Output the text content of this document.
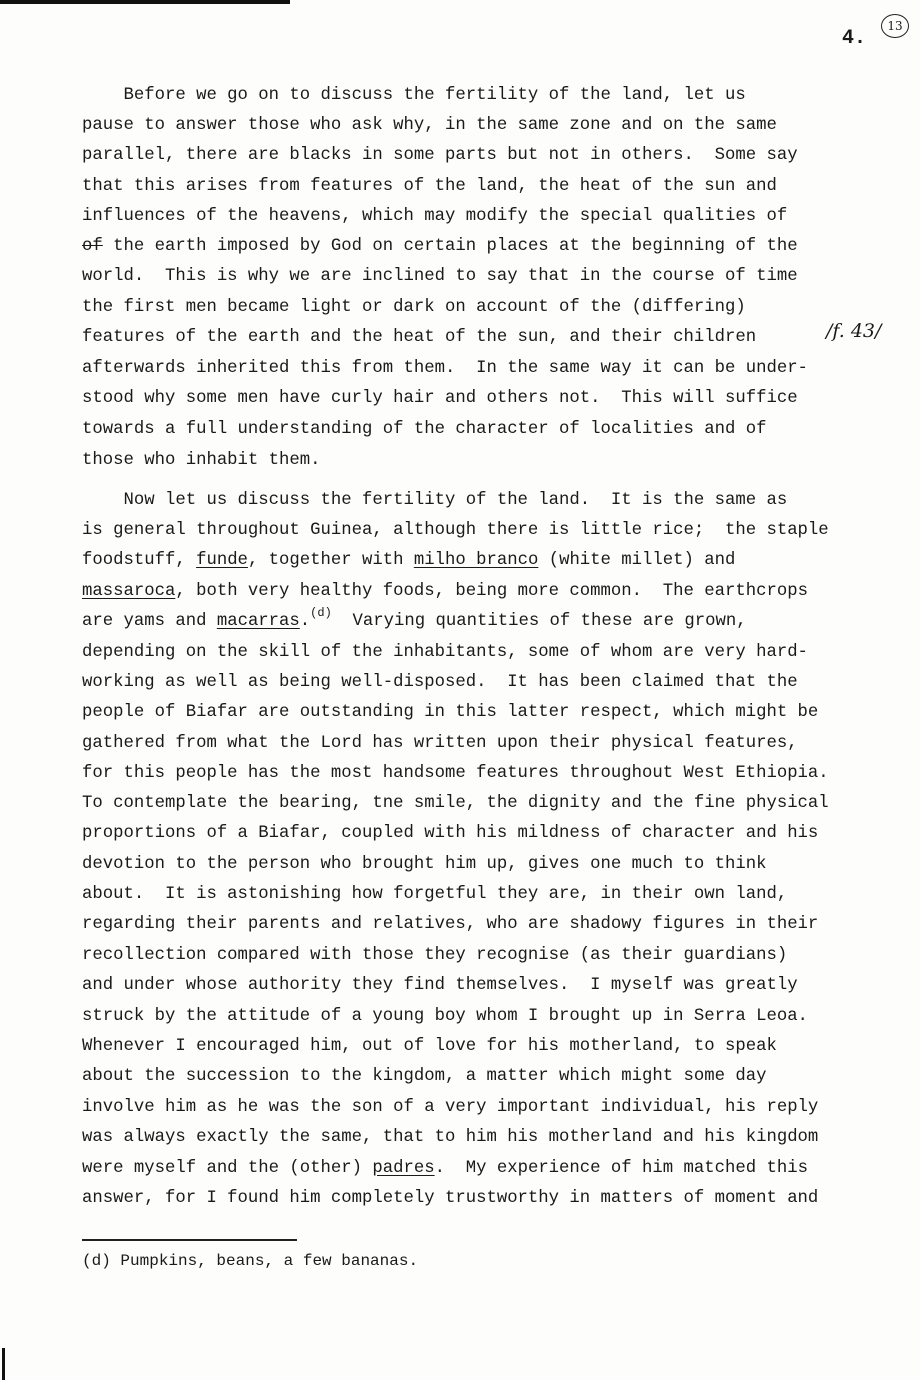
4.
13
/f. 43/
Before we go on to discuss the fertility of the land, let us
pause to answer those who ask why, in the same zone and on the same
parallel, there are blacks in some parts but not in others.  Some say
that this arises from features of the land, the heat of the sun and
influences of the heavens, which may modify the special qualities of
of the earth imposed by God on certain places at the beginning of the
world.  This is why we are inclined to say that in the course of time
the first men became light or dark on account of the (differing)
features of the earth and the heat of the sun, and their children
afterwards inherited this from them.  In the same way it can be under-
stood why some men have curly hair and others not.  This will suffice
towards a full understanding of the character of localities and of
those who inhabit them.
Now let us discuss the fertility of the land.  It is the same as
is general throughout Guinea, although there is little rice;  the staple
foodstuff, funde, together with milho branco (white millet) and
massaroca, both very healthy foods, being more common.  The earthcrops
are yams and macarras.$^{(d)}$  Varying quantities of these are grown,
depending on the skill of the inhabitants, some of whom are very hard-
working as well as being well-disposed.  It has been claimed that the
people of Biafar are outstanding in this latter respect, which might be
gathered from what the Lord has written upon their physical features,
for this people has the most handsome features throughout West Ethiopia.
To contemplate the bearing, tne smile, the dignity and the fine physical
proportions of a Biafar, coupled with his mildness of character and his
devotion to the person who brought him up, gives one much to think
about.  It is astonishing how forgetful they are, in their own land,
regarding their parents and relatives, who are shadowy figures in their
recollection compared with those they recognise (as their guardians)
and under whose authority they find themselves.  I myself was greatly
struck by the attitude of a young boy whom I brought up in Serra Leoa.
Whenever I encouraged him, out of love for his motherland, to speak
about the succession to the kingdom, a matter which might some day
involve him as he was the son of a very important individual, his reply
was always exactly the same, that to him his motherland and his kingdom
were myself and the (other) padres.  My experience of him matched this
answer, for I found him completely trustworthy in matters of moment and
(d) Pumpkins, beans, a few bananas.
